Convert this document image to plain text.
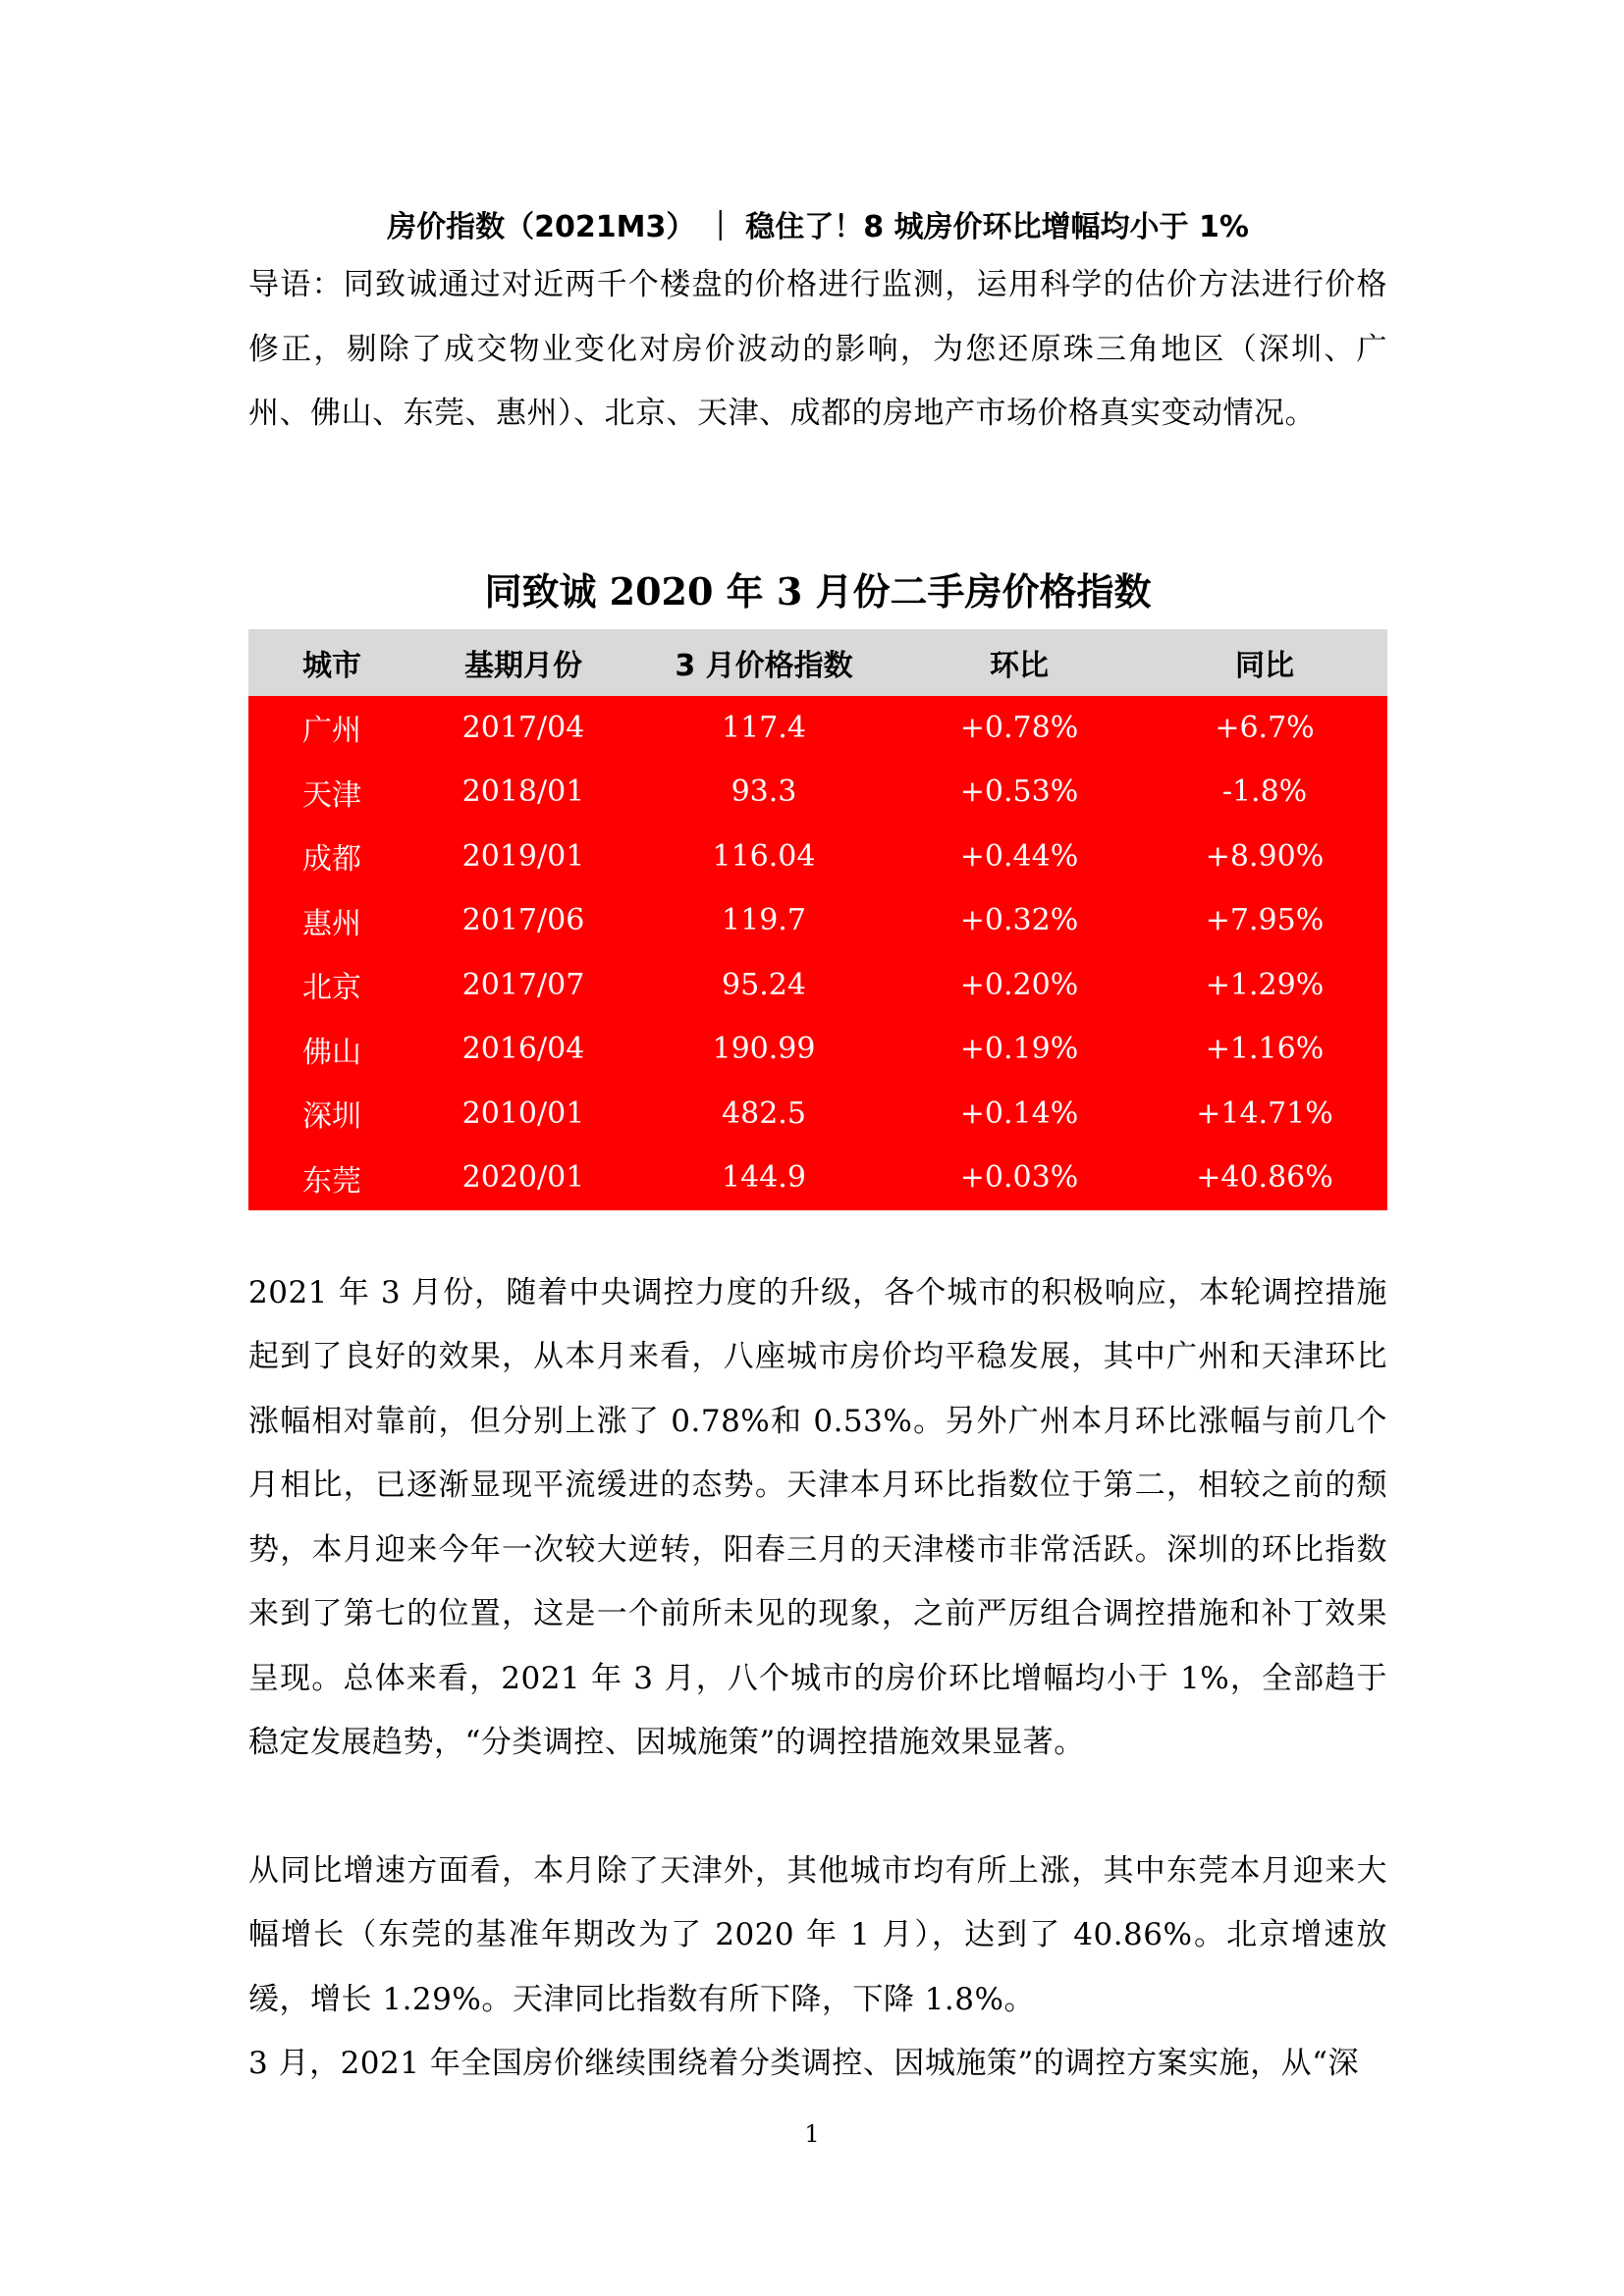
房价指数（2021M3） ｜ 稳住了！8 城房价环比增幅均小于 1%

导语：同致诚通过对近两千个楼盘的价格进行监测，运用科学的估价方法进行价格修正，剔除了成交物业变化对房价波动的影响，为您还原珠三角地区（深圳、广州、佛山、东莞、惠州）、北京、天津、成都的房地产市场价格真实变动情况。

同致诚 2020 年 3 月份二手房价格指数
城市	基期月份	3 月价格指数	环比	同比
广州	2017/04	117.4	+0.78%	+6.7%
天津	2018/01	93.3	+0.53%	-1.8%
成都	2019/01	116.04	+0.44%	+8.90%
惠州	2017/06	119.7	+0.32%	+7.95%
北京	2017/07	95.24	+0.20%	+1.29%
佛山	2016/04	190.99	+0.19%	+1.16%
深圳	2010/01	482.5	+0.14%	+14.71%
东莞	2020/01	144.9	+0.03%	+40.86%

2021 年 3 月份，随着中央调控力度的升级，各个城市的积极响应，本轮调控措施起到了良好的效果，从本月来看，八座城市房价均平稳发展，其中广州和天津环比涨幅相对靠前，但分别上涨了 0.78%和 0.53%。另外广州本月环比涨幅与前几个月相比，已逐渐显现平流缓进的态势。天津本月环比指数位于第二，相较之前的颓势，本月迎来今年一次较大逆转，阳春三月的天津楼市非常活跃。深圳的环比指数来到了第七的位置，这是一个前所未见的现象，之前严厉组合调控措施和补丁效果呈现。总体来看，2021 年 3 月，八个城市的房价环比增幅均小于 1%，全部趋于稳定发展趋势，“分类调控、因城施策”的调控措施效果显著。

从同比增速方面看，本月除了天津外，其他城市均有所上涨，其中东莞本月迎来大幅增长（东莞的基准年期改为了 2020 年 1 月），达到了 40.86%。北京增速放缓，增长 1.29%。天津同比指数有所下降，下降 1.8%。

3 月，2021 年全国房价继续围绕着分类调控、因城施策”的调控方案实施，从“深

1
